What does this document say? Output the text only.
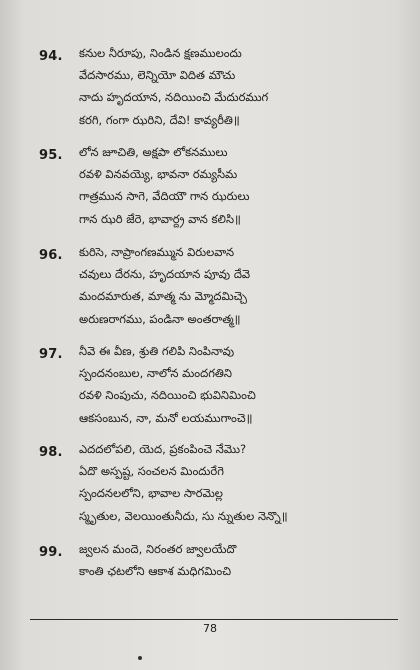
94. కనుల నీరూపు, నిండిన క్షణములందు
వేదసారము, లెన్నియో విదిత మౌచు
నాదు హృదయాన, నదియించి మేదురముగ
కరగి, గంగా ఝరిని, దేవి! కావ్యరీతి॥
95. లోన జూచితి, అక్షపా లోకనములు
రవళి వినవయ్యె, భావనా రమ్యసీమ
గాత్రమున సాగె, వేదియౌ గాన ఝరులు
గాన ఝరి జేరె, భావార్ద్ర వాన కలిసి॥
96. కురిసె, నాప్రాంగణమ్మున విరులవాన
చవులు దేరను, హృదయాన పూవు దేవె
మందమారుత, మాత్మ ను మ్మోదమిచ్చె
అరుణరాగము, పండినా అంతరాత్మ॥
97. నీవె ఈ వీణ, శ్రుతి గలిపి నింపినావు
స్పందనంబుల, నాలోన మందగతిని
రవళి నింపుచు, నదియించి భువినిమించి
ఆకసంబున, నా, మనో లయముగాంచె॥
98. ఎదదలోపలి, యెద, ప్రకంపించె నేమొ?
ఏదొ అస్పష్ట, సంచలన మిందురేగె
స్పందనలలోని, భావాల సారమెల్ల
స్మృతుల, వెలయింతునీదు, సు న్నుతుల నెన్నొ॥
99. జ్వలన మందె, నిరంతర జ్వాలయేదొ
కాంతి ఛటలోని ఆకాశ మధిగమించి
78
